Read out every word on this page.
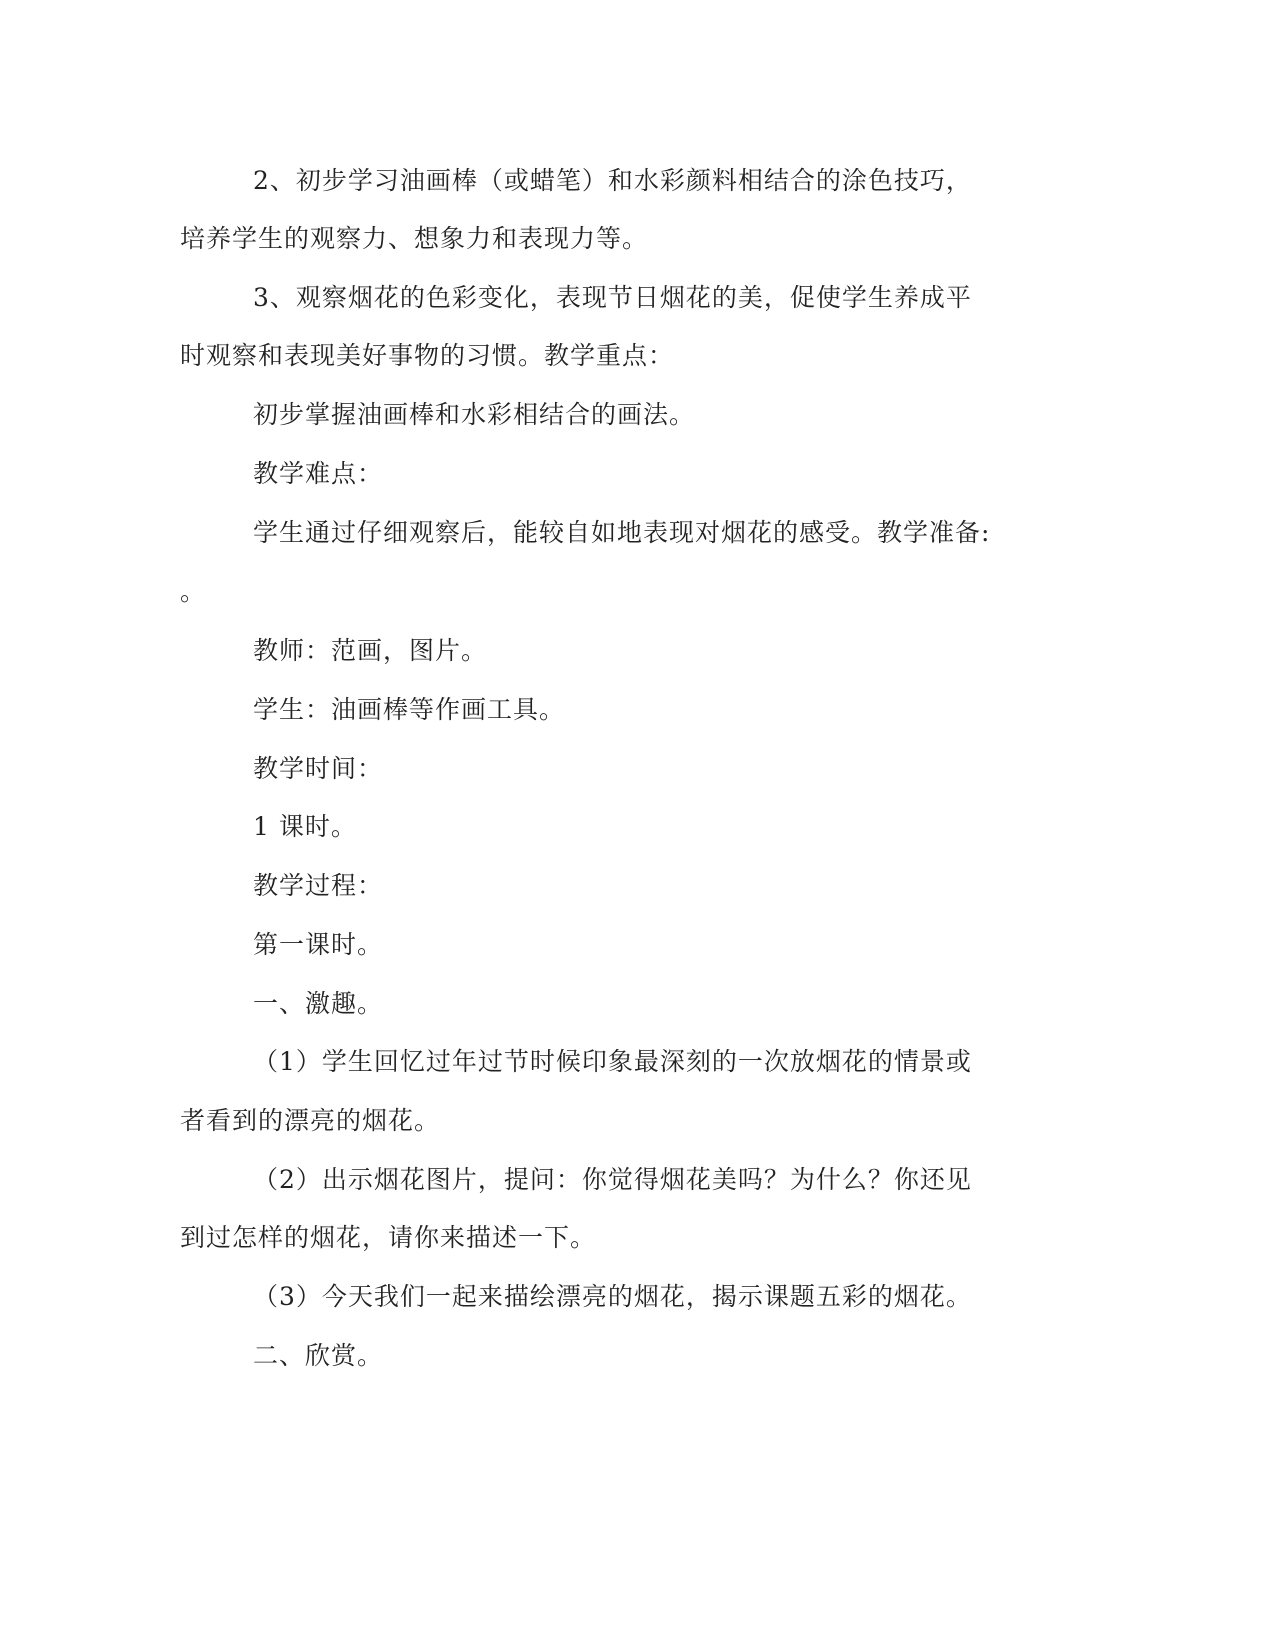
2、初步学习油画棒（或蜡笔）和水彩颜料相结合的涂色技巧，
培养学生的观察力、想象力和表现力等。
3、观察烟花的色彩变化，表现节日烟花的美，促使学生养成平
时观察和表现美好事物的习惯。教学重点：
初步掌握油画棒和水彩相结合的画法。
教学难点：
学生通过仔细观察后，能较自如地表现对烟花的感受。教学准备:
。
教师：范画，图片。
学生：油画棒等作画工具。
教学时间：
1 课时。
教学过程：
第一课时。
一、激趣。
（1）学生回忆过年过节时候印象最深刻的一次放烟花的情景或
者看到的漂亮的烟花。
（2）出示烟花图片，提问：你觉得烟花美吗？为什么？你还见
到过怎样的烟花，请你来描述一下。
（3）今天我们一起来描绘漂亮的烟花，揭示课题五彩的烟花。
二、欣赏。
